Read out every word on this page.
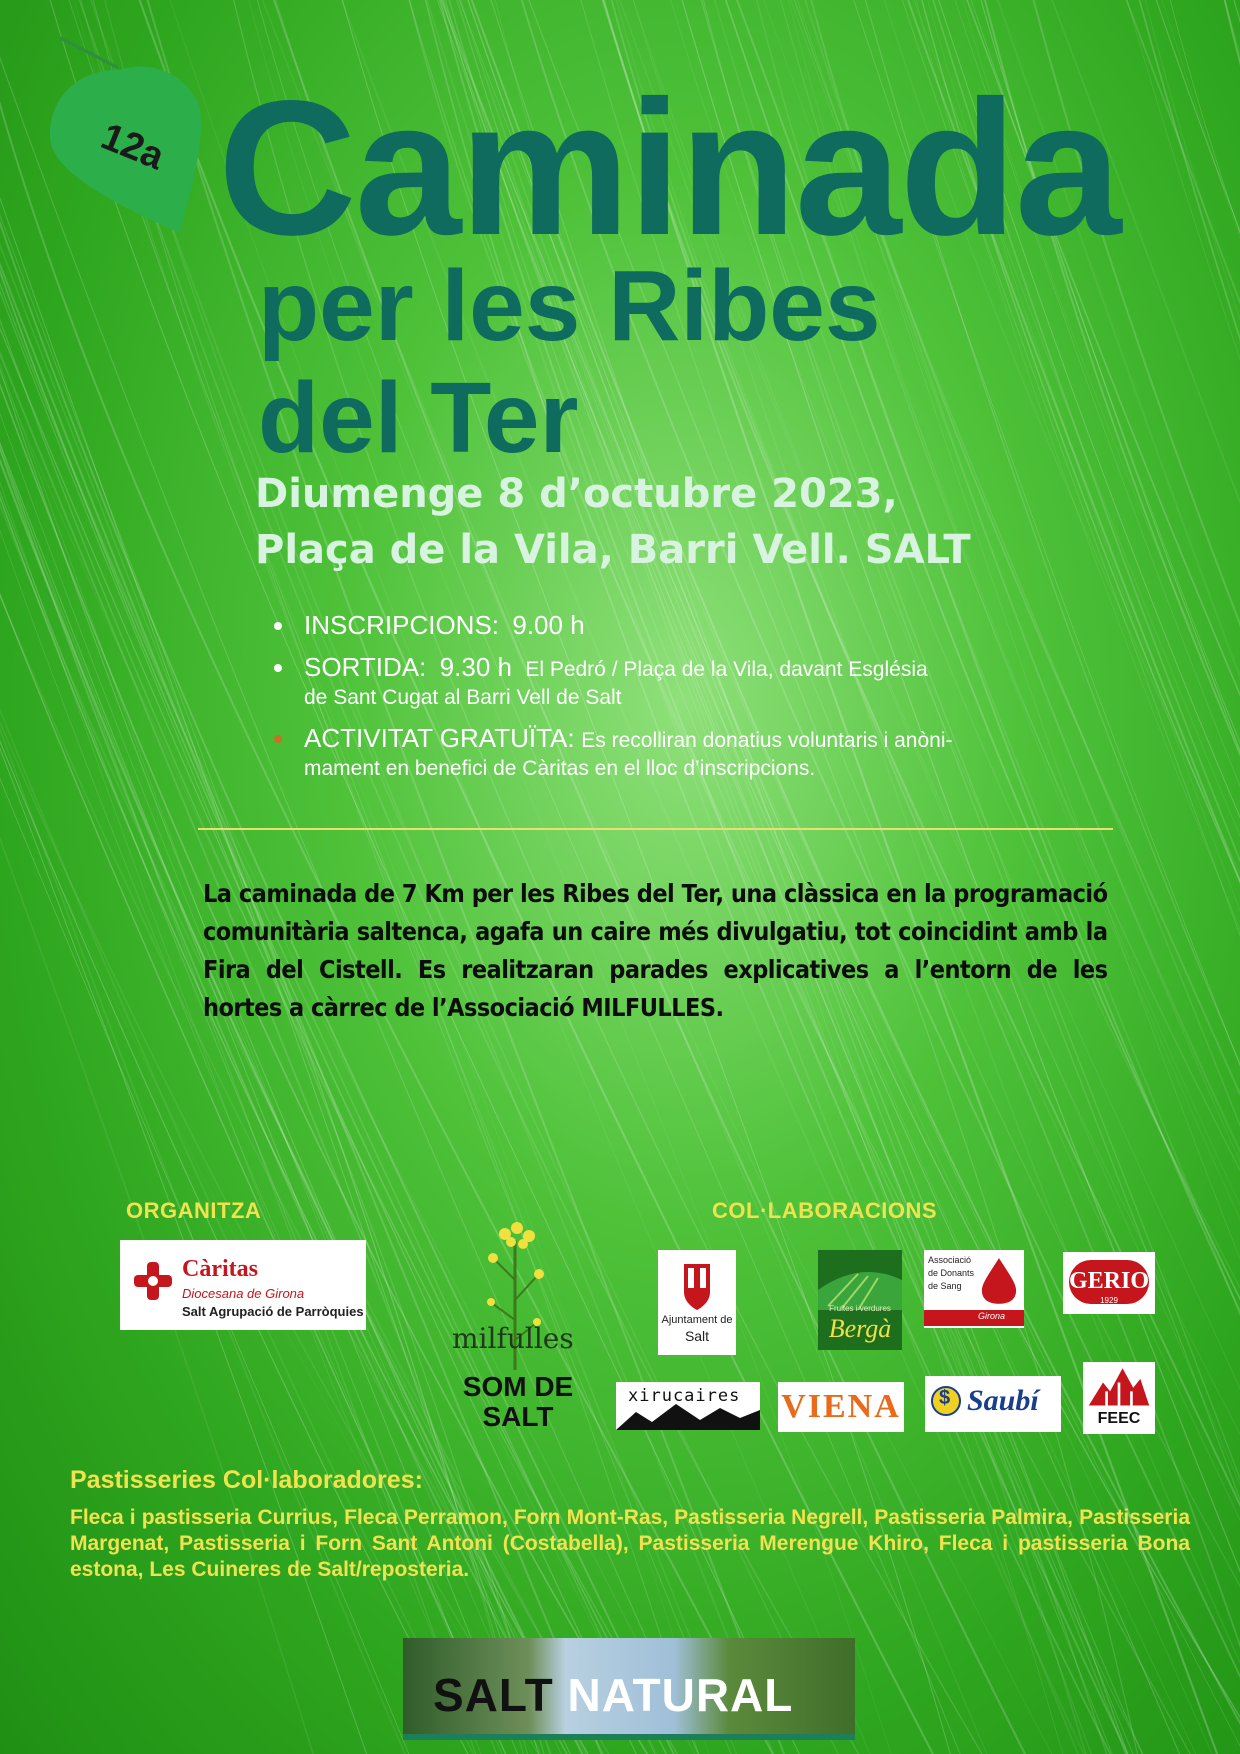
12a Caminada
per les Ribes
del Ter
Diumenge 8 d’octubre 2023,
Plaça de la Vila, Barri Vell. SALT
INSCRIPCIONS: 9.00 h
SORTIDA: 9.30 h El Pedró / Plaça de la Vila, davant Església
de Sant Cugat al Barri Vell de Salt
ACTIVITAT GRATUÏTA: Es recolliran donatius voluntaris i anòni-
mament en benefici de Càritas en el lloc d’inscripcions.
La caminada de 7 Km per les Ribes del Ter, una clàssica en la programació comunitària saltenca, agafa un caire més divulgatiu, tot coincidint amb la Fira del Cistell. Es realitzaran parades explicatives a l’entorn de les hortes a càrrec de l’Associació MILFULLES.
ORGANITZA	COL·LABORACIONS
Càritas
Diocesana de Girona
Salt Agrupació de Parròquies
milfulles
SOM DE
SALT
Ajuntament de
Salt
Fruites i verdures
Bergà
Associació
de Donants
de Sang
Girona
GERIO
1929
xirucaires VIENA $ Saubí
FEEC
Pastisseries Col·laboradores:
Fleca i pastisseria Currius, Fleca Perramon, Forn Mont-Ras, Pastisseria Negrell, Pastisseria Palmira, Pastisseria Margenat, Pastisseria i Forn Sant Antoni (Costabella), Pastisseria Merengue Khiro, Fleca i pastisseria Bona estona, Les Cuineres de Salt/reposteria.
SALT NATURAL
